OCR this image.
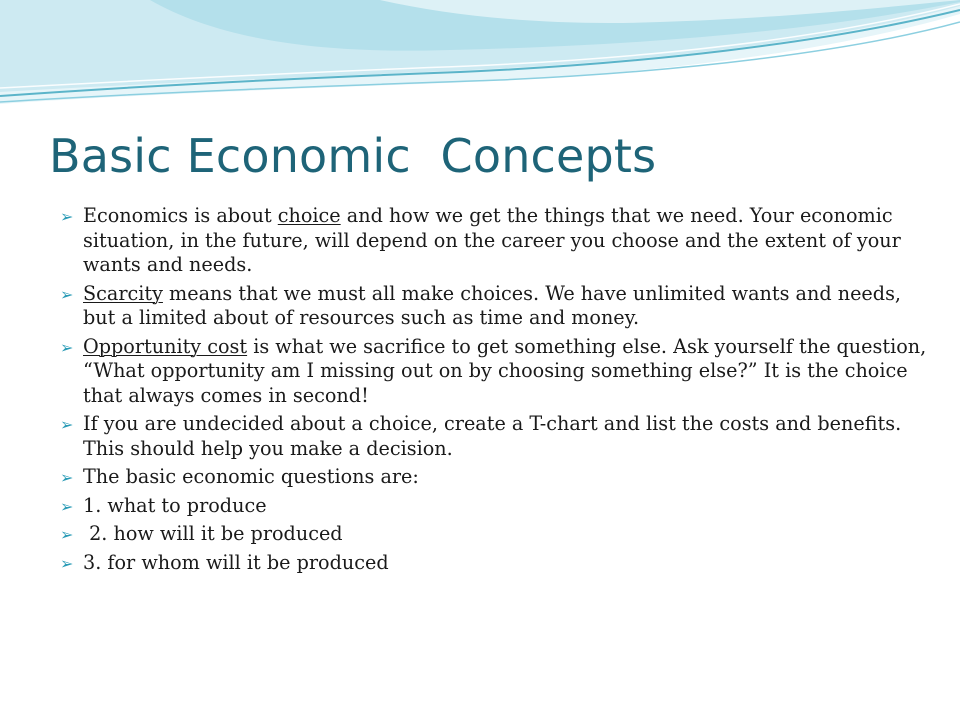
Basic Economic  Concepts
➢ Economics is about choice and how we get the things that we need. Your economic situation, in the future, will depend on the career you choose and the extent of your wants and needs.
➢ Scarcity means that we must all make choices. We have unlimited wants and needs, but a limited about of resources such as time and money.
➢ Opportunity cost is what we sacrifice to get something else. Ask yourself the question, “What opportunity am I missing out on by choosing something else?” It is the choice that always comes in second!
➢ If you are undecided about a choice, create a T-chart and list the costs and benefits. This should help you make a decision.
➢ The basic economic questions are:
➢ 1. what to produce
➢ 2. how will it be produced
➢ 3. for whom will it be produced
